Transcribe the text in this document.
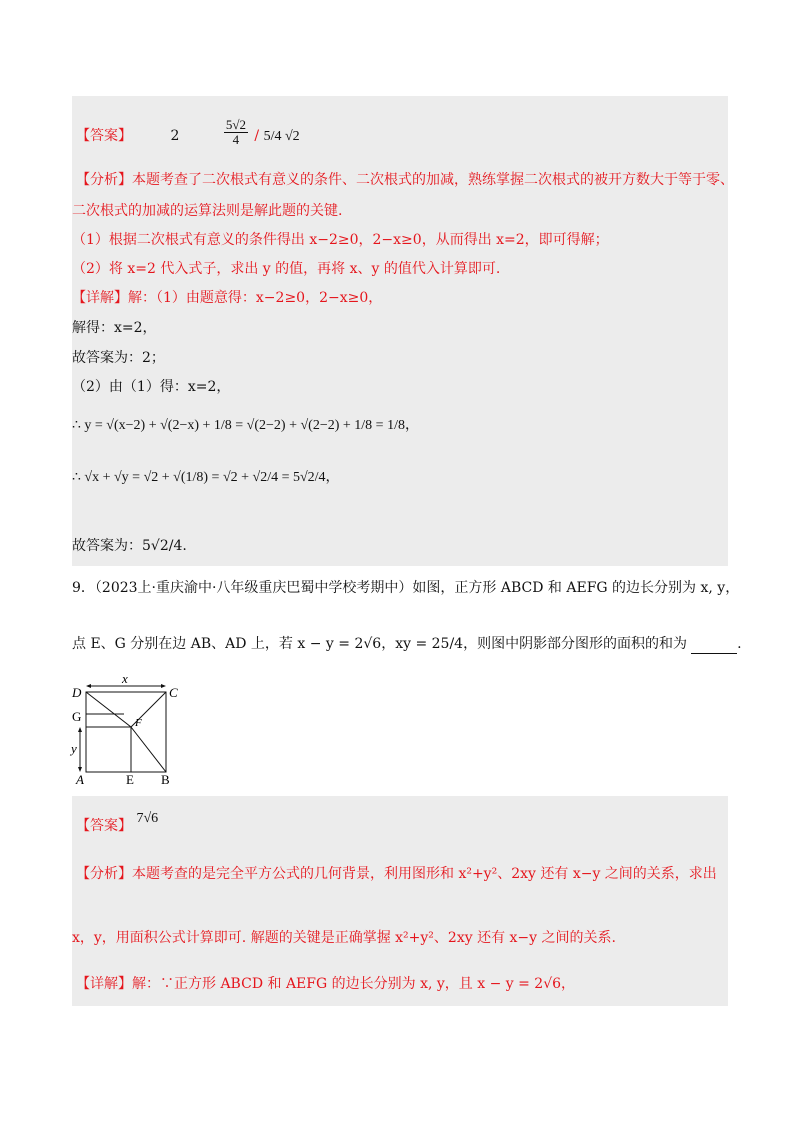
【答案】	2	$\frac{5√2}{4} / 5/4$ √2
【分析】本题考查了二次根式有意义的条件、二次根式的加减，熟练掌握二次根式的被开方数大于等于零、
二次根式的加减的运算法则是解此题的关键.
（1）根据二次根式有意义的条件得出 x−2≥0，2−x≥0，从而得出 x=2，即可得解；
（2）将 x=2 代入式子，求出 y 的值，再将 x、y 的值代入计算即可.
【详解】解：（1）由题意得：x−2≥0，2−x≥0，
解得：x=2，
故答案为：2；
（2）由（1）得：x=2，
∴ y = √(x−2) + √(2−x) + 1/8 = √(2−2) + √(2−2) + 1/8 = 1/8，
∴ √x + √y = √2 + √(1/8) = √2 + √2/4 = 5√2/4，
故答案为：5√2/4.
9．（2023上·重庆渝中·八年级重庆巴蜀中学校考期中）如图，正方形 ABCD 和 AEFG 的边长分别为 x, y，
点 E、G 分别在边 AB、AD 上，若 x − y = 2√6，xy = 25/4，则图中阴影部分图形的面积的和为	.
D	C
G	F
A	E B
x
y
【答案】 7√6
【分析】本题考查的是完全平方公式的几何背景，利用图形和 x²+y²、2xy 还有 x−y 之间的关系，求出
x，y，用面积公式计算即可. 解题的关键是正确掌握 x²+y²、2xy 还有 x−y 之间的关系.
【详解】解：∵正方形 ABCD 和 AEFG 的边长分别为 x, y，且 x − y = 2√6，
